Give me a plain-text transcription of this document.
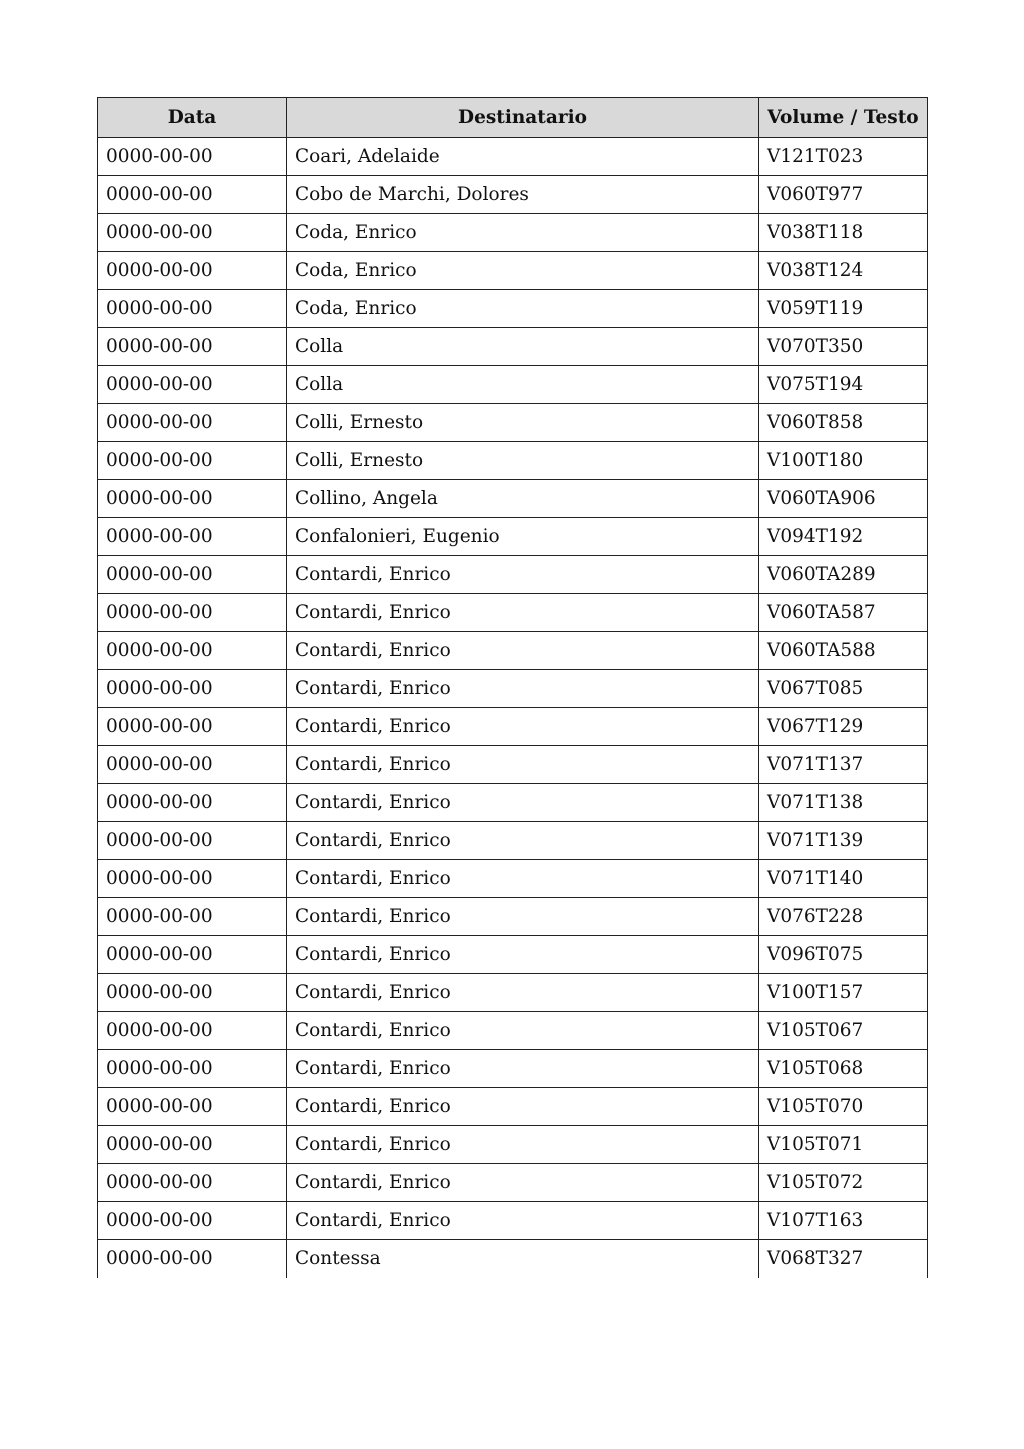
Data	Destinatario	Volume / Testo
0000-00-00	Coari, Adelaide	V121T023
0000-00-00	Cobo de Marchi, Dolores	V060T977
0000-00-00	Coda, Enrico	V038T118
0000-00-00	Coda, Enrico	V038T124
0000-00-00	Coda, Enrico	V059T119
0000-00-00	Colla	V070T350
0000-00-00	Colla	V075T194
0000-00-00	Colli, Ernesto	V060T858
0000-00-00	Colli, Ernesto	V100T180
0000-00-00	Collino, Angela	V060TA906
0000-00-00	Confalonieri, Eugenio	V094T192
0000-00-00	Contardi, Enrico	V060TA289
0000-00-00	Contardi, Enrico	V060TA587
0000-00-00	Contardi, Enrico	V060TA588
0000-00-00	Contardi, Enrico	V067T085
0000-00-00	Contardi, Enrico	V067T129
0000-00-00	Contardi, Enrico	V071T137
0000-00-00	Contardi, Enrico	V071T138
0000-00-00	Contardi, Enrico	V071T139
0000-00-00	Contardi, Enrico	V071T140
0000-00-00	Contardi, Enrico	V076T228
0000-00-00	Contardi, Enrico	V096T075
0000-00-00	Contardi, Enrico	V100T157
0000-00-00	Contardi, Enrico	V105T067
0000-00-00	Contardi, Enrico	V105T068
0000-00-00	Contardi, Enrico	V105T070
0000-00-00	Contardi, Enrico	V105T071
0000-00-00	Contardi, Enrico	V105T072
0000-00-00	Contardi, Enrico	V107T163
0000-00-00	Contessa	V068T327
